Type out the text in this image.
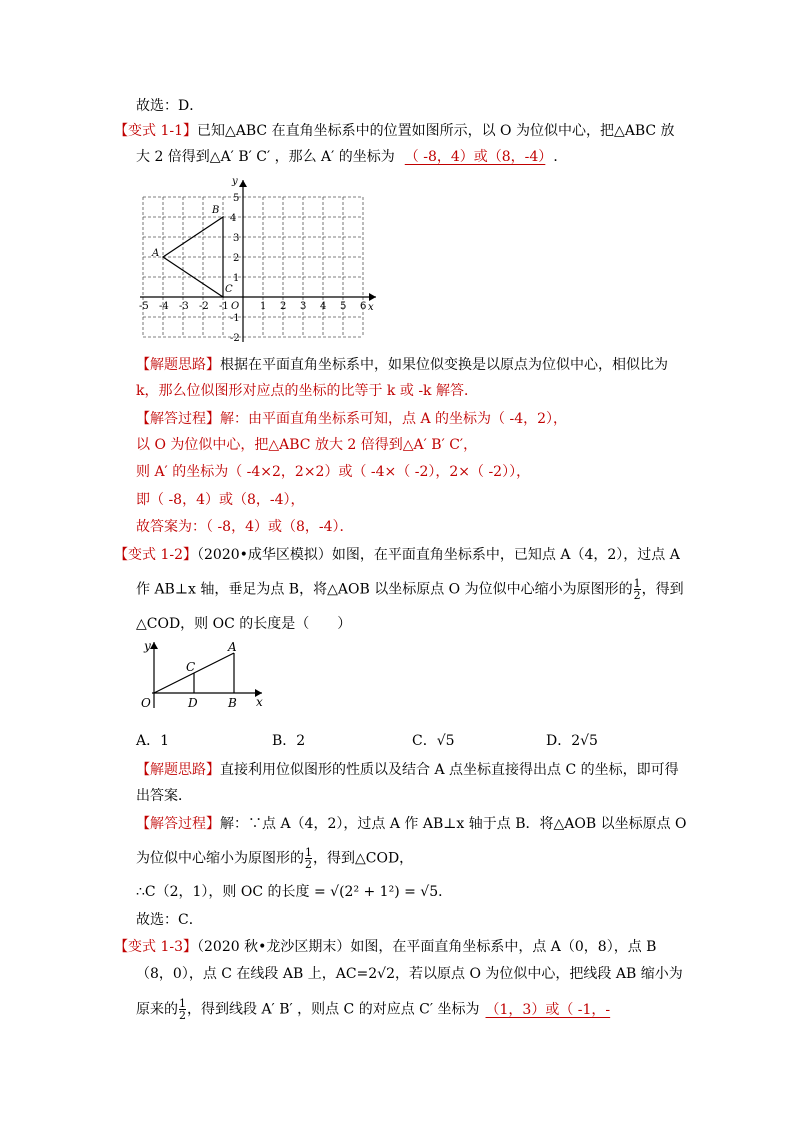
故选：D．
【变式 1-1】已知△ABC 在直角坐标系中的位置如图所示，以 O 为位似中心，把△ABC 放
大 2 倍得到△A′ B′ C′ ，那么 A′ 的坐标为 （ -8，4）或（8，-4） ．
-5 -4 -3 -2 -1 O 1 2 3 4 5 6 x
y
5
4
3
2
1
-1
-2
B
A
C
【解题思路】根据在平面直角坐标系中，如果位似变换是以原点为位似中心，相似比为
k，那么位似图形对应点的坐标的比等于 k 或 -k 解答．
【解答过程】解：由平面直角坐标系可知，点 A 的坐标为（ -4，2），
以 O 为位似中心，把△ABC 放大 2 倍得到△A′ B′ C′，
则 A′ 的坐标为（ -4×2，2×2）或（ -4×（ -2），2×（ -2）），
即（ -8，4）或（8，-4），
故答案为：（ -8，4）或（8，-4）．
【变式 1-2】（2020•成华区模拟）如图，在平面直角坐标系中，已知点 A（4，2），过点 A
作 AB⊥x 轴，垂足为点 B，将△AOB 以坐标原点 O 为位似中心缩小为原图形的 $\frac{1}{2}$ ，得到
△COD，则 OC 的长度是（　　）
y
x
O
C
D
A
B
A．1	B．2	C．√5	D．2√5
【解题思路】直接利用位似图形的性质以及结合 A 点坐标直接得出点 C 的坐标，即可得
出答案．
【解答过程】解：∵点 A（4，2），过点 A 作 AB⊥x 轴于点 B．将△AOB 以坐标原点 O
为位似中心缩小为原图形的 $\frac{1}{2}$ ，得到△COD，
∴C（2，1），则 OC 的长度 = √(2² + 1²) = √5．
故选：C．
【变式 1-3】（2020 秋•龙沙区期末）如图，在平面直角坐标系中，点 A（0，8），点 B
（8，0），点 C 在线段 AB 上，AC=2√2，若以原点 O 为位似中心，把线段 AB 缩小为
原来的 $\frac{1}{2}$ ，得到线段 A′ B′ ，则点 C 的对应点 C′ 坐标为 （1，3）或（ -1，-
